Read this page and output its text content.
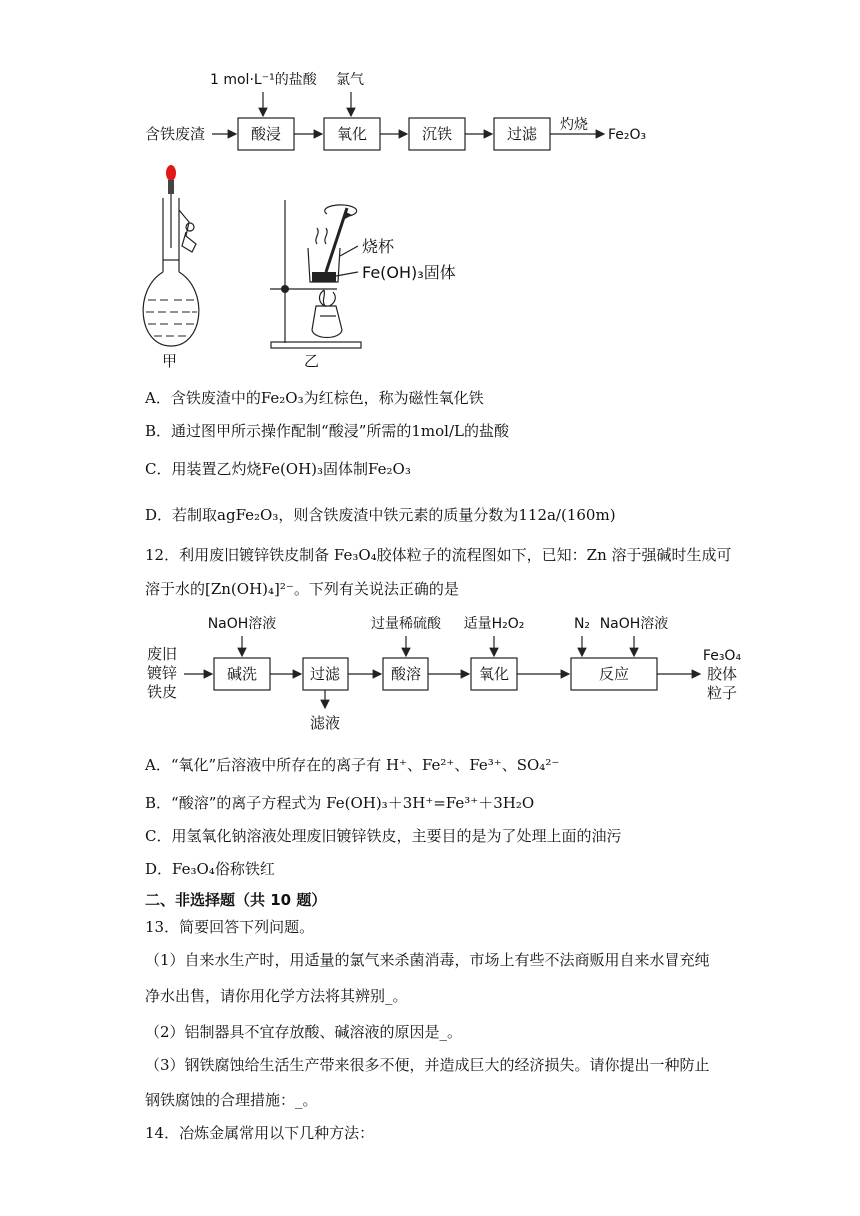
1 mol·L⁻¹的盐酸 氯气
含铁废渣	酸浸	氧化	沉铁	过滤 灼烧
Fe₂O₃
甲
烧杯
Fe(OH)₃固体
乙
A．含铁废渣中的Fe₂O₃为红棕色，称为磁性氧化铁
B．通过图甲所示操作配制“酸浸”所需的1mol/L的盐酸
C．用装置乙灼烧Fe(OH)₃固体制Fe₂O₃
D．若制取agFe₂O₃，则含铁废渣中铁元素的质量分数为112a/(160m)
12．利用废旧镀锌铁皮制备 Fe₃O₄胶体粒子的流程图如下，已知：Zn 溶于强碱时生成可
溶于水的[Zn(OH)₄]²⁻。下列有关说法正确的是
废旧
镀锌
铁皮
NaOH溶液
碱洗	过滤
滤液
过量稀硫酸
酸溶
适量H₂O₂
氧化
N₂ NaOH溶液
反应
Fe₃O₄
胶体
粒子
A．“氧化”后溶液中所存在的离子有 H⁺、Fe²⁺、Fe³⁺、SO₄²⁻
B．“酸溶”的离子方程式为 Fe(OH)₃＋3H⁺=Fe³⁺＋3H₂O
C．用氢氧化钠溶液处理废旧镀锌铁皮，主要目的是为了处理上面的油污
D．Fe₃O₄俗称铁红
二、非选择题（共 10 题）
13．简要回答下列问题。
（1）自来水生产时，用适量的氯气来杀菌消毒，市场上有些不法商贩用自来水冒充纯
净水出售，请你用化学方法将其辨别_。
（2）铝制器具不宜存放酸、碱溶液的原因是_。
（3）钢铁腐蚀给生活生产带来很多不便，并造成巨大的经济损失。请你提出一种防止
钢铁腐蚀的合理措施：_。
14．冶炼金属常用以下几种方法：
